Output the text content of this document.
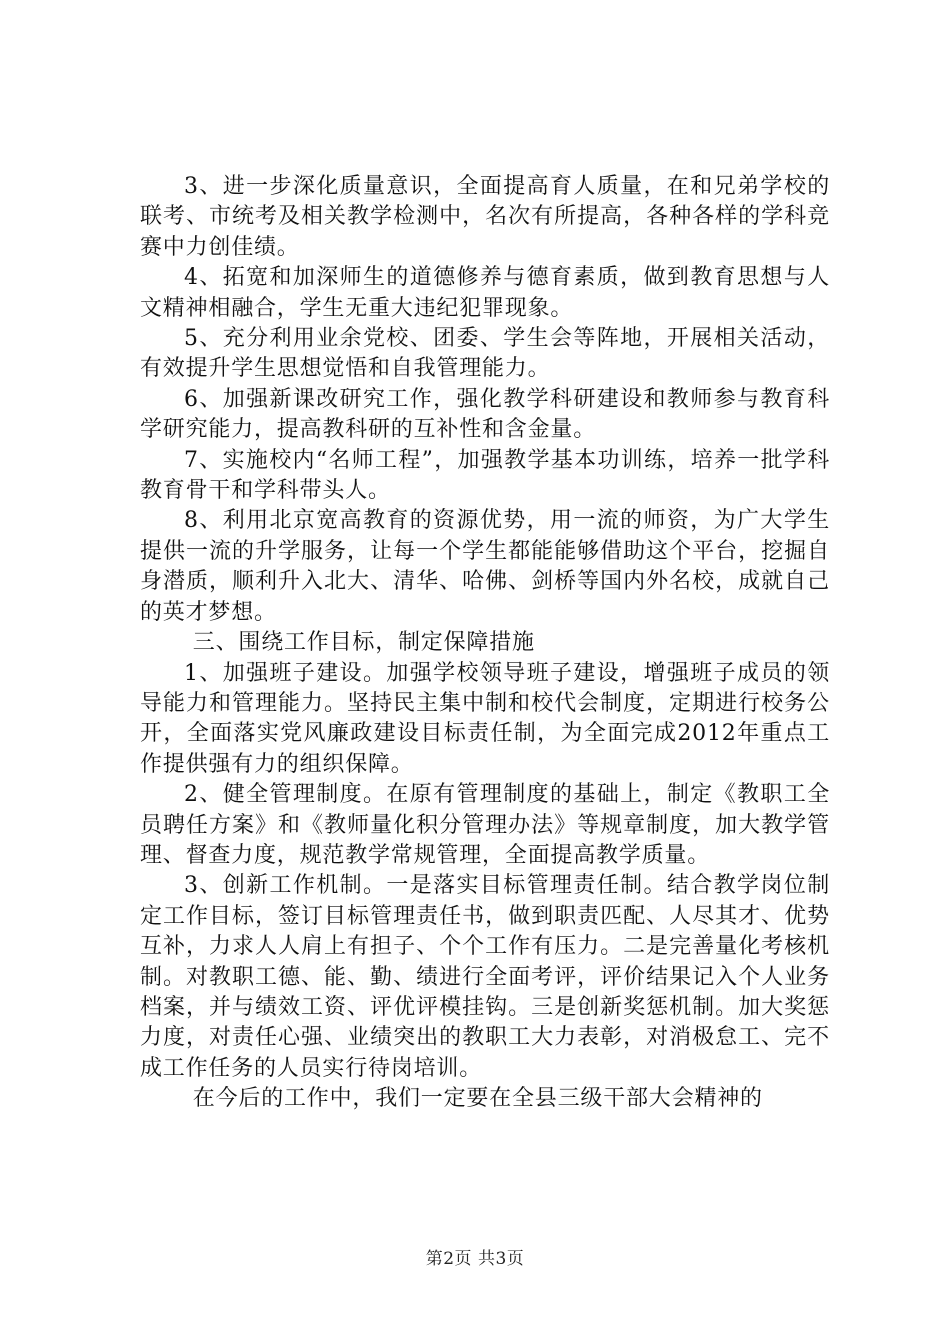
3、进一步深化质量意识，全面提高育人质量，在和兄弟学校的联考、市统考及相关教学检测中，名次有所提高，各种各样的学科竞赛中力创佳绩。

4、拓宽和加深师生的道德修养与德育素质，做到教育思想与人文精神相融合，学生无重大违纪犯罪现象。

5、充分利用业余党校、团委、学生会等阵地，开展相关活动，有效提升学生思想觉悟和自我管理能力。

6、加强新课改研究工作，强化教学科研建设和教师参与教育科学研究能力，提高教科研的互补性和含金量。

7、实施校内“名师工程”，加强教学基本功训练，培养一批学科教育骨干和学科带头人。

8、利用北京宽高教育的资源优势，用一流的师资，为广大学生提供一流的升学服务，让每一个学生都能能够借助这个平台，挖掘自身潜质，顺利升入北大、清华、哈佛、剑桥等国内外名校，成就自己的英才梦想。

三、围绕工作目标，制定保障措施

1、加强班子建设。加强学校领导班子建设，增强班子成员的领导能力和管理能力。坚持民主集中制和校代会制度，定期进行校务公开，全面落实党风廉政建设目标责任制，为全面完成2012年重点工作提供强有力的组织保障。

2、健全管理制度。在原有管理制度的基础上，制定《教职工全员聘任方案》和《教师量化积分管理办法》等规章制度，加大教学管理、督查力度，规范教学常规管理，全面提高教学质量。

3、创新工作机制。一是落实目标管理责任制。结合教学岗位制定工作目标，签订目标管理责任书，做到职责匹配、人尽其才、优势互补，力求人人肩上有担子、个个工作有压力。二是完善量化考核机制。对教职工德、能、勤、绩进行全面考评，评价结果记入个人业务档案，并与绩效工资、评优评模挂钩。三是创新奖惩机制。加大奖惩力度，对责任心强、业绩突出的教职工大力表彰，对消极怠工、完不成工作任务的人员实行待岗培训。

在今后的工作中，我们一定要在全县三级干部大会精神的

第2页 共3页
